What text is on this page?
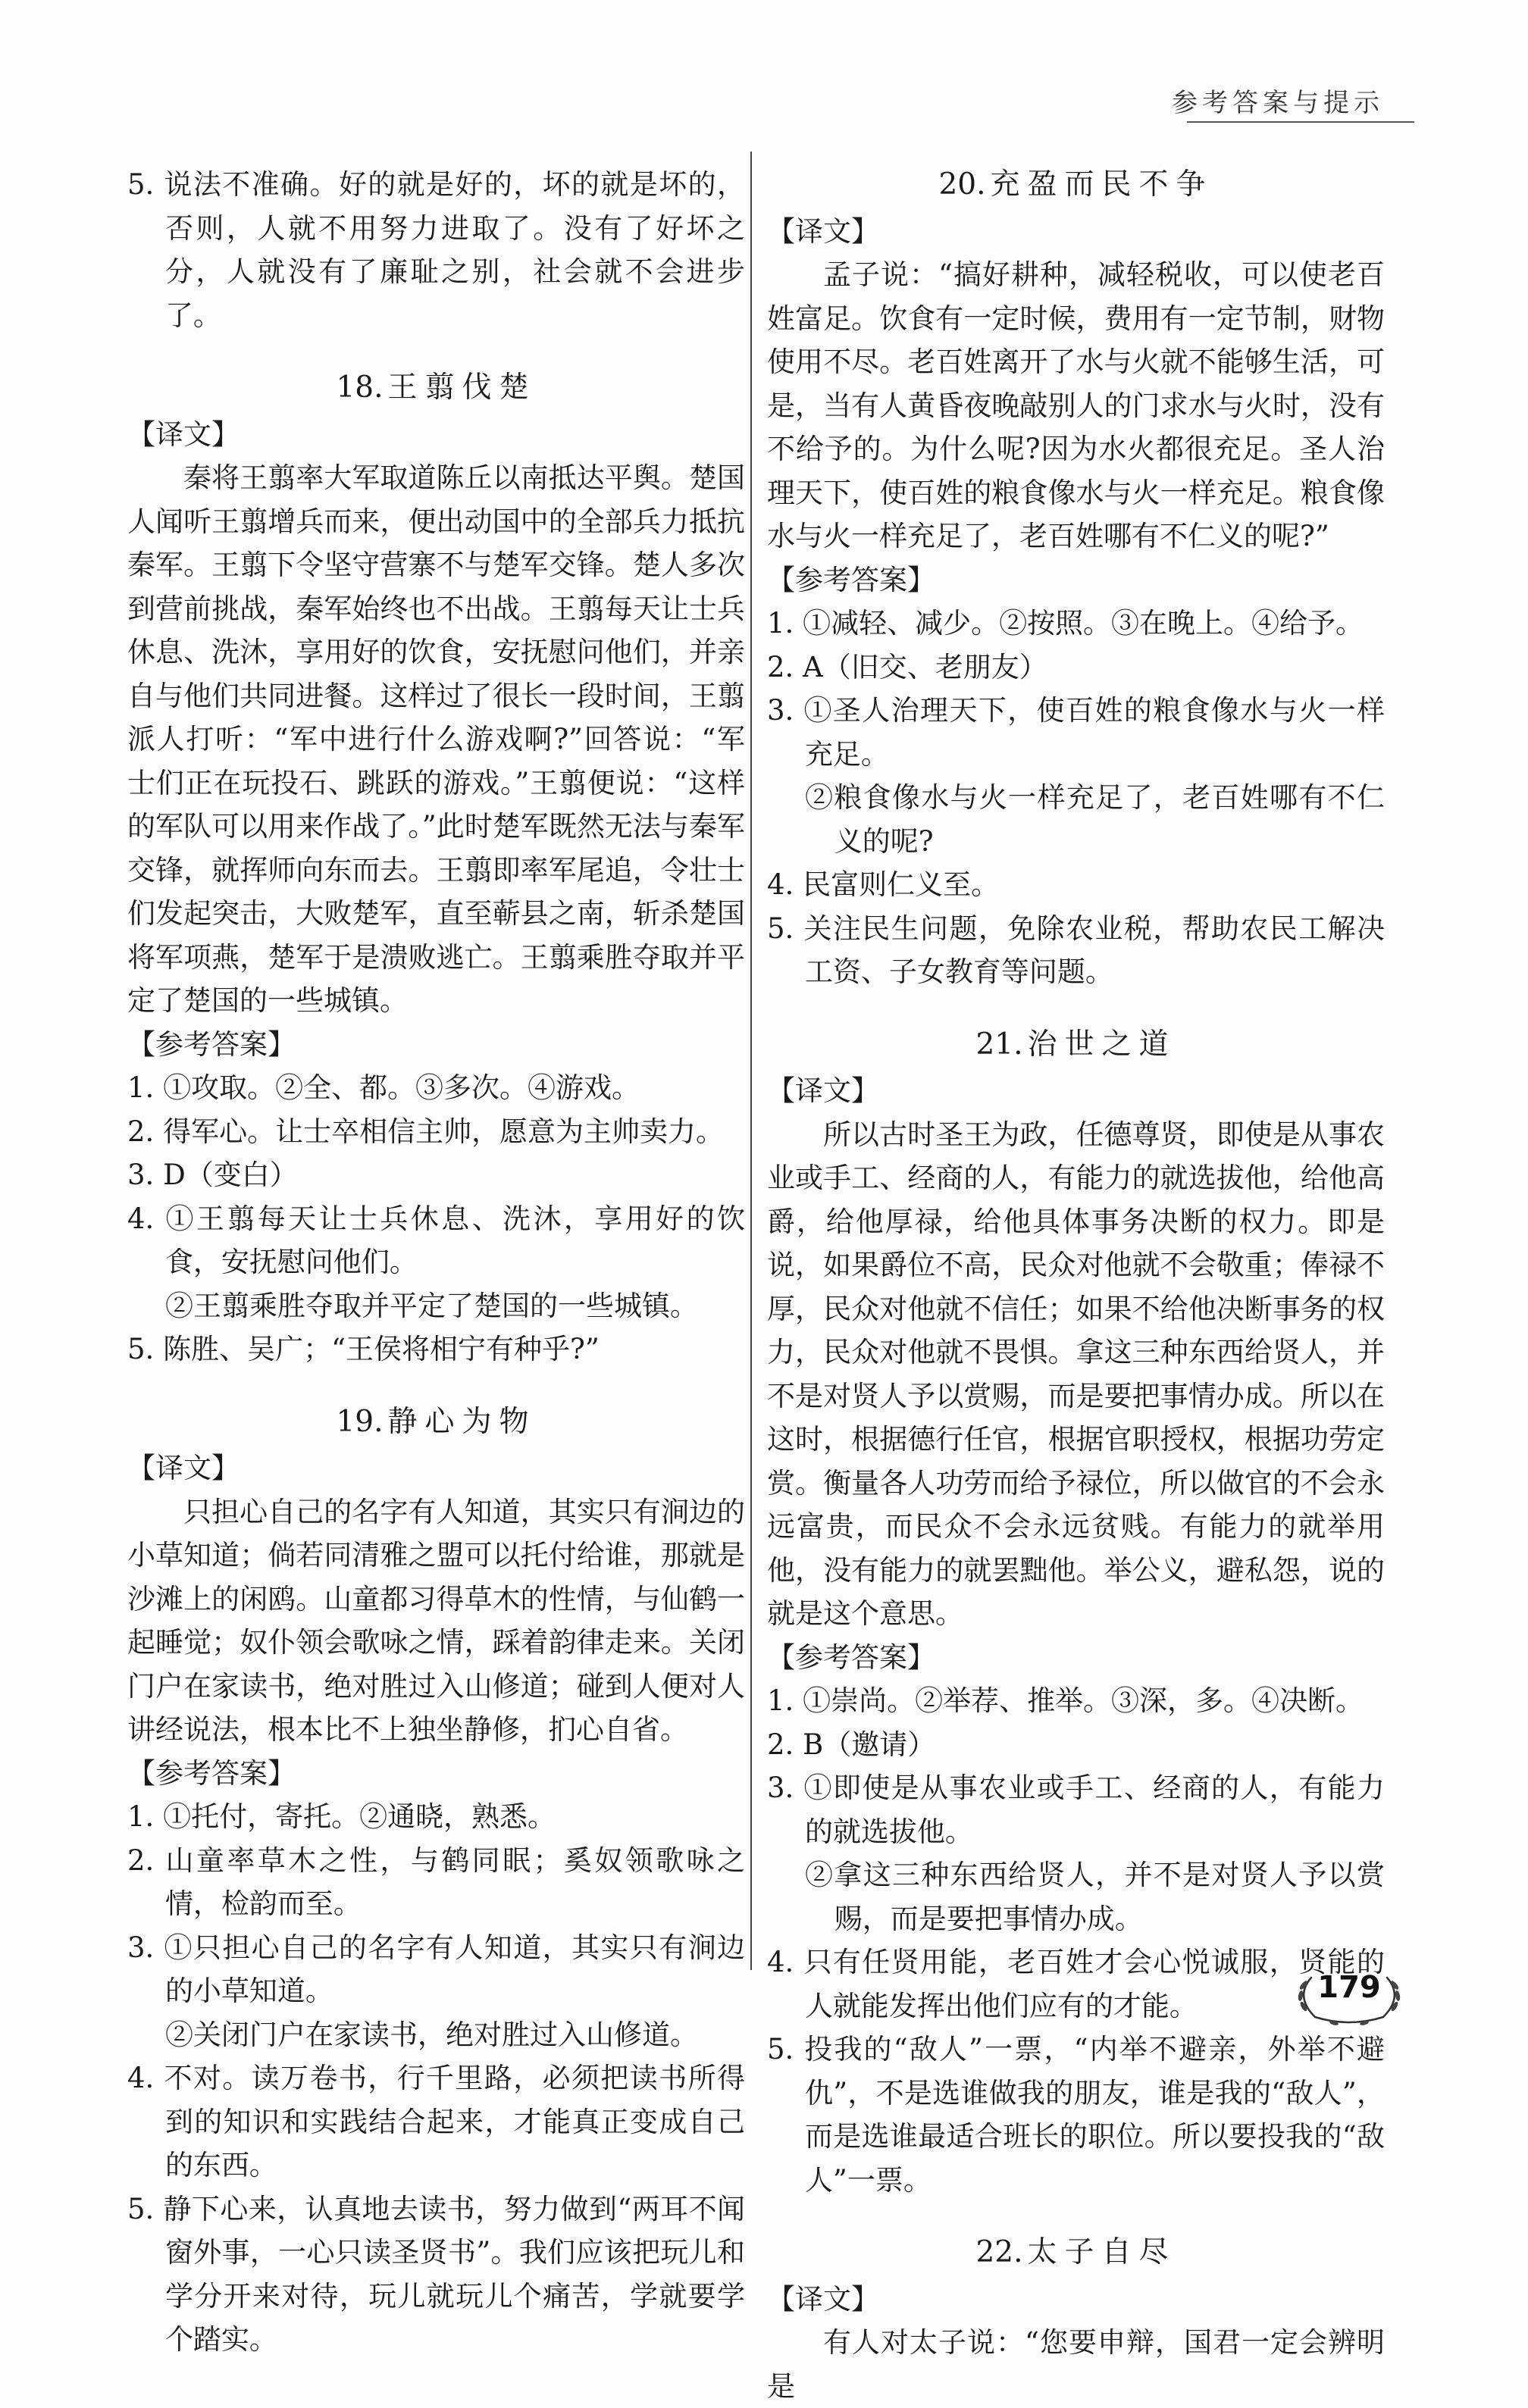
参考答案与提示

5. 说法不准确。好的就是好的，坏的就是坏的，否则，人就不用努力进取了。没有了好坏之分，人就没有了廉耻之别，社会就不会进步了。

18. 王翦伐楚

【译文】

秦将王翦率大军取道陈丘以南抵达平舆。楚国人闻听王翦增兵而来，便出动国中的全部兵力抵抗秦军。王翦下令坚守营寨不与楚军交锋。楚人多次到营前挑战，秦军始终也不出战。王翦每天让士兵休息、洗沐，享用好的饮食，安抚慰问他们，并亲自与他们共同进餐。这样过了很长一段时间，王翦派人打听：“军中进行什么游戏啊?”回答说：“军士们正在玩投石、跳跃的游戏。”王翦便说：“这样的军队可以用来作战了。”此时楚军既然无法与秦军交锋，就挥师向东而去。王翦即率军尾追，令壮士们发起突击，大败楚军，直至蕲县之南，斩杀楚国将军项燕，楚军于是溃败逃亡。王翦乘胜夺取并平定了楚国的一些城镇。

【参考答案】

1. ①攻取。②全、都。③多次。④游戏。

2. 得军心。让士卒相信主帅，愿意为主帅卖力。

3. D（变白）

4. ①王翦每天让士兵休息、洗沐，享用好的饮食，安抚慰问他们。

②王翦乘胜夺取并平定了楚国的一些城镇。

5. 陈胜、吴广；“王侯将相宁有种乎?”

19. 静心为物

【译文】

只担心自己的名字有人知道，其实只有涧边的小草知道；倘若同清雅之盟可以托付给谁，那就是沙滩上的闲鸥。山童都习得草木的性情，与仙鹤一起睡觉；奴仆领会歌咏之情，踩着韵律走来。关闭门户在家读书，绝对胜过入山修道；碰到人便对人讲经说法，根本比不上独坐静修，扪心自省。

【参考答案】

1. ①托付，寄托。②通晓，熟悉。

2. 山童率草木之性，与鹤同眠；奚奴领歌咏之情，检韵而至。

3. ①只担心自己的名字有人知道，其实只有涧边的小草知道。

②关闭门户在家读书，绝对胜过入山修道。

4. 不对。读万卷书，行千里路，必须把读书所得到的知识和实践结合起来，才能真正变成自己的东西。

5. 静下心来，认真地去读书，努力做到“两耳不闻窗外事，一心只读圣贤书”。我们应该把玩儿和学分开来对待，玩儿就玩儿个痛苦，学就要学个踏实。

20. 充盈而民不争

【译文】

孟子说：“搞好耕种，减轻税收，可以使老百姓富足。饮食有一定时候，费用有一定节制，财物使用不尽。老百姓离开了水与火就不能够生活，可是，当有人黄昏夜晚敲别人的门求水与火时，没有不给予的。为什么呢?因为水火都很充足。圣人治理天下，使百姓的粮食像水与火一样充足。粮食像水与火一样充足了，老百姓哪有不仁义的呢?”

【参考答案】

1. ①减轻、减少。②按照。③在晚上。④给予。

2. A（旧交、老朋友）

3. ①圣人治理天下，使百姓的粮食像水与火一样充足。

②粮食像水与火一样充足了，老百姓哪有不仁义的呢?

4. 民富则仁义至。

5. 关注民生问题，免除农业税，帮助农民工解决工资、子女教育等问题。

21. 治世之道

【译文】

所以古时圣王为政，任德尊贤，即使是从事农业或手工、经商的人，有能力的就选拔他，给他高爵，给他厚禄，给他具体事务决断的权力。即是说，如果爵位不高，民众对他就不会敬重；俸禄不厚，民众对他就不信任；如果不给他决断事务的权力，民众对他就不畏惧。拿这三种东西给贤人，并不是对贤人予以赏赐，而是要把事情办成。所以在这时，根据德行任官，根据官职授权，根据功劳定赏。衡量各人功劳而给予禄位，所以做官的不会永远富贵，而民众不会永远贫贱。有能力的就举用他，没有能力的就罢黜他。举公义，避私怨，说的就是这个意思。

【参考答案】

1. ①崇尚。②举荐、推举。③深，多。④决断。

2. B（邀请）

3. ①即使是从事农业或手工、经商的人，有能力的就选拔他。

②拿这三种东西给贤人，并不是对贤人予以赏赐，而是要把事情办成。

4. 只有任贤用能，老百姓才会心悦诚服，贤能的人就能发挥出他们应有的才能。

5. 投我的“敌人”一票，“内举不避亲，外举不避仇”，不是选谁做我的朋友，谁是我的“敌人”，而是选谁最适合班长的职位。所以要投我的“敌人”一票。

22. 太子自尽

【译文】

有人对太子说：“您要申辩，国君一定会辨明是

179
